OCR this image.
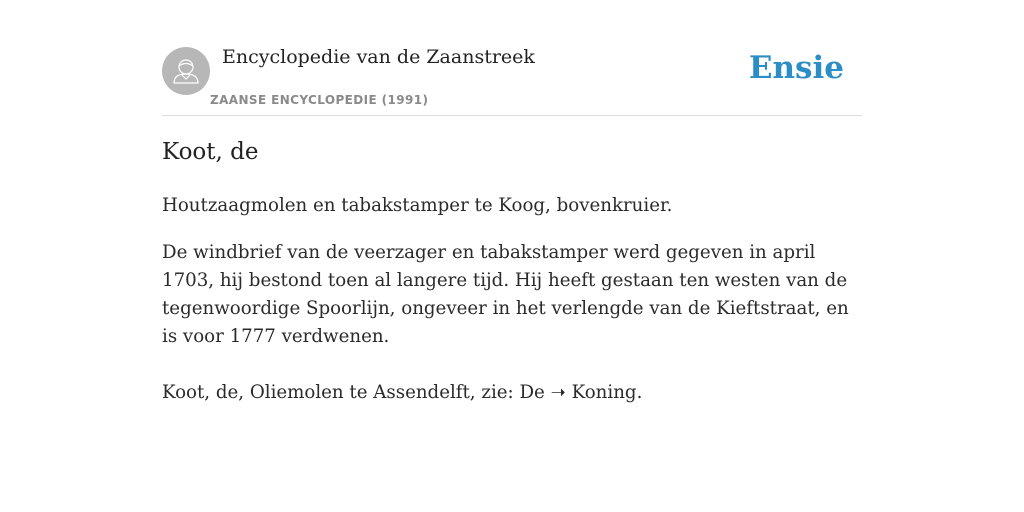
Encyclopedie van de Zaanstreek
ZAANSE ENCYCLOPEDIE (1991)
Ensie
Koot, de

Houtzaagmolen en tabakstamper te Koog, bovenkruier.

De windbrief van de veerzager en tabakstamper werd gegeven in april 1703, hij bestond toen al langere tijd. Hij heeft gestaan ten westen van de tegenwoordige Spoorlijn, ongeveer in het verlengde van de Kieftstraat, en is voor 1777 verdwenen.

Koot, de, Oliemolen te Assendelft, zie: De ➝ Koning.
